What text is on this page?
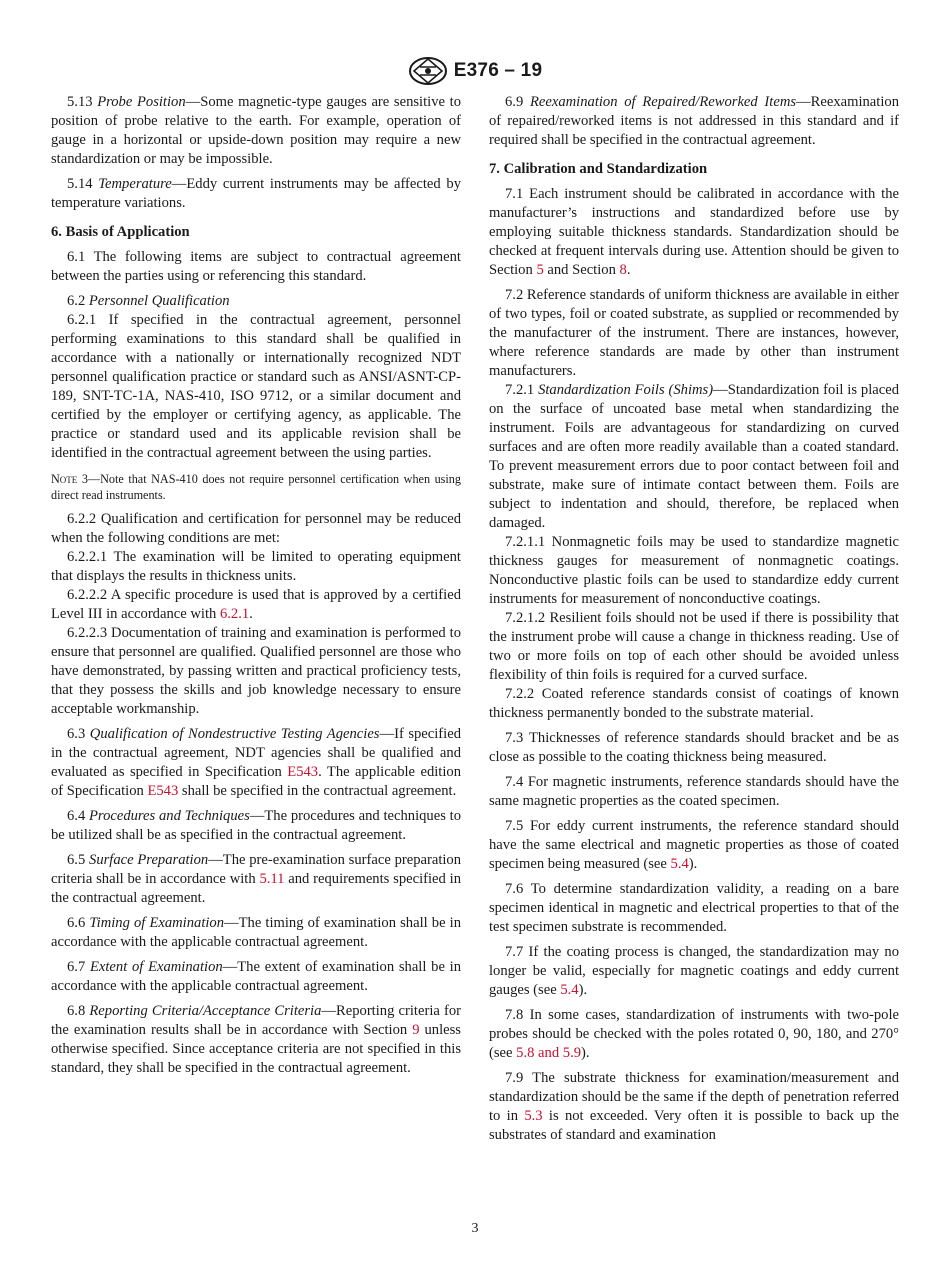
E376 – 19

5.13 Probe Position—Some magnetic-type gauges are sensitive to position of probe relative to the earth. For example, operation of gauge in a horizontal or upside-down position may require a new standardization or may be impossible.

5.14 Temperature—Eddy current instruments may be affected by temperature variations.

6. Basis of Application

6.1 The following items are subject to contractual agreement between the parties using or referencing this standard.

6.2 Personnel Qualification

6.2.1 If specified in the contractual agreement, personnel performing examinations to this standard shall be qualified in accordance with a nationally or internationally recognized NDT personnel qualification practice or standard such as ANSI/ASNT-CP-189, SNT-TC-1A, NAS-410, ISO 9712, or a similar document and certified by the employer or certifying agency, as applicable. The practice or standard used and its applicable revision shall be identified in the contractual agreement between the using parties.

Note 3—Note that NAS-410 does not require personnel certification when using direct read instruments.

6.2.2 Qualification and certification for personnel may be reduced when the following conditions are met:

6.2.2.1 The examination will be limited to operating equipment that displays the results in thickness units.

6.2.2.2 A specific procedure is used that is approved by a certified Level III in accordance with 6.2.1.

6.2.2.3 Documentation of training and examination is performed to ensure that personnel are qualified. Qualified personnel are those who have demonstrated, by passing written and practical proficiency tests, that they possess the skills and job knowledge necessary to ensure acceptable workmanship.

6.3 Qualification of Nondestructive Testing Agencies—If specified in the contractual agreement, NDT agencies shall be qualified and evaluated as specified in Specification E543. The applicable edition of Specification E543 shall be specified in the contractual agreement.

6.4 Procedures and Techniques—The procedures and techniques to be utilized shall be as specified in the contractual agreement.

6.5 Surface Preparation—The pre-examination surface preparation criteria shall be in accordance with 5.11 and requirements specified in the contractual agreement.

6.6 Timing of Examination—The timing of examination shall be in accordance with the applicable contractual agreement.

6.7 Extent of Examination—The extent of examination shall be in accordance with the applicable contractual agreement.

6.8 Reporting Criteria/Acceptance Criteria—Reporting criteria for the examination results shall be in accordance with Section 9 unless otherwise specified. Since acceptance criteria are not specified in this standard, they shall be specified in the contractual agreement.

6.9 Reexamination of Repaired/Reworked Items—Reexamination of repaired/reworked items is not addressed in this standard and if required shall be specified in the contractual agreement.

7. Calibration and Standardization

7.1 Each instrument should be calibrated in accordance with the manufacturer’s instructions and standardized before use by employing suitable thickness standards. Standardization should be checked at frequent intervals during use. Attention should be given to Section 5 and Section 8.

7.2 Reference standards of uniform thickness are available in either of two types, foil or coated substrate, as supplied or recommended by the manufacturer of the instrument. There are instances, however, where reference standards are made by other than instrument manufacturers.

7.2.1 Standardization Foils (Shims)—Standardization foil is placed on the surface of uncoated base metal when standardizing the instrument. Foils are advantageous for standardizing on curved surfaces and are often more readily available than a coated standard. To prevent measurement errors due to poor contact between foil and substrate, make sure of intimate contact between them. Foils are subject to indentation and should, therefore, be replaced when damaged.

7.2.1.1 Nonmagnetic foils may be used to standardize magnetic thickness gauges for measurement of nonmagnetic coatings. Nonconductive plastic foils can be used to standardize eddy current instruments for measurement of nonconductive coatings.

7.2.1.2 Resilient foils should not be used if there is possibility that the instrument probe will cause a change in thickness reading. Use of two or more foils on top of each other should be avoided unless flexibility of thin foils is required for a curved surface.

7.2.2 Coated reference standards consist of coatings of known thickness permanently bonded to the substrate material.

7.3 Thicknesses of reference standards should bracket and be as close as possible to the coating thickness being measured.

7.4 For magnetic instruments, reference standards should have the same magnetic properties as the coated specimen.

7.5 For eddy current instruments, the reference standard should have the same electrical and magnetic properties as those of coated specimen being measured (see 5.4).

7.6 To determine standardization validity, a reading on a bare specimen identical in magnetic and electrical properties to that of the test specimen substrate is recommended.

7.7 If the coating process is changed, the standardization may no longer be valid, especially for magnetic coatings and eddy current gauges (see 5.4).

7.8 In some cases, standardization of instruments with two-pole probes should be checked with the poles rotated 0, 90, 180, and 270° (see 5.8 and 5.9).

7.9 The substrate thickness for examination/measurement and standardization should be the same if the depth of penetration referred to in 5.3 is not exceeded. Very often it is possible to back up the substrates of standard and examination

3
